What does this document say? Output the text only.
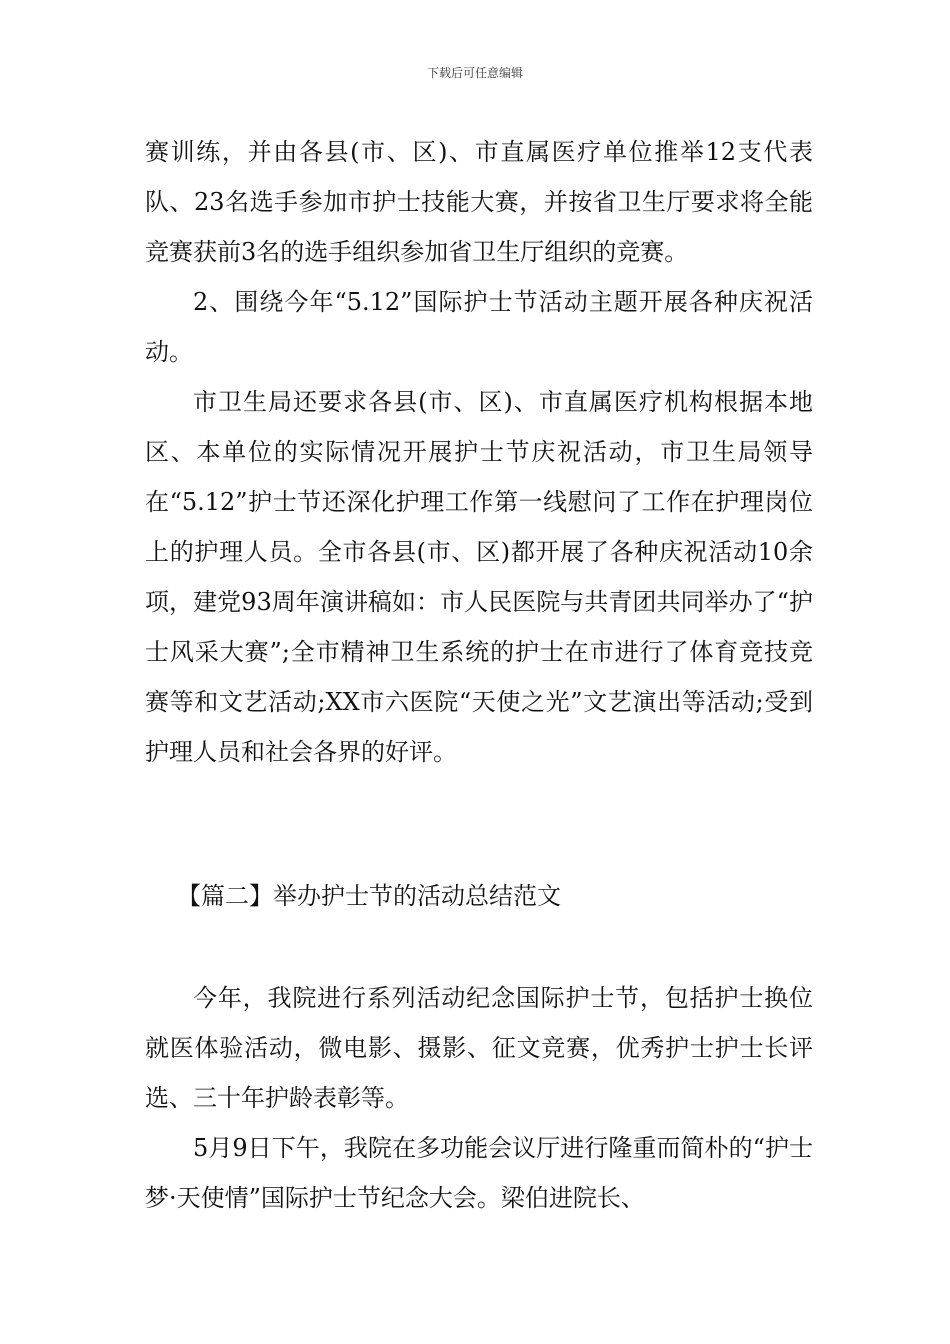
下载后可任意编辑

赛训练，并由各县(市、区)、市直属医疗单位推举12支代表队、23名选手参加市护士技能大赛，并按省卫生厅要求将全能竞赛获前3名的选手组织参加省卫生厅组织的竞赛。

2、围绕今年“5.12”国际护士节活动主题开展各种庆祝活动。

市卫生局还要求各县(市、区)、市直属医疗机构根据本地区、本单位的实际情况开展护士节庆祝活动，市卫生局领导在“5.12”护士节还深化护理工作第一线慰问了工作在护理岗位上的护理人员。全市各县(市、区)都开展了各种庆祝活动10余项，建党93周年演讲稿如：市人民医院与共青团共同举办了“护士风采大赛”;全市精神卫生系统的护士在市进行了体育竞技竞赛等和文艺活动;XX市六医院“天使之光”文艺演出等活动;受到护理人员和社会各界的好评。

【篇二】举办护士节的活动总结范文

今年，我院进行系列活动纪念国际护士节，包括护士换位就医体验活动，微电影、摄影、征文竞赛，优秀护士护士长评选、三十年护龄表彰等。

5月9日下午，我院在多功能会议厅进行隆重而简朴的“护士梦·天使情”国际护士节纪念大会。梁伯进院长、
